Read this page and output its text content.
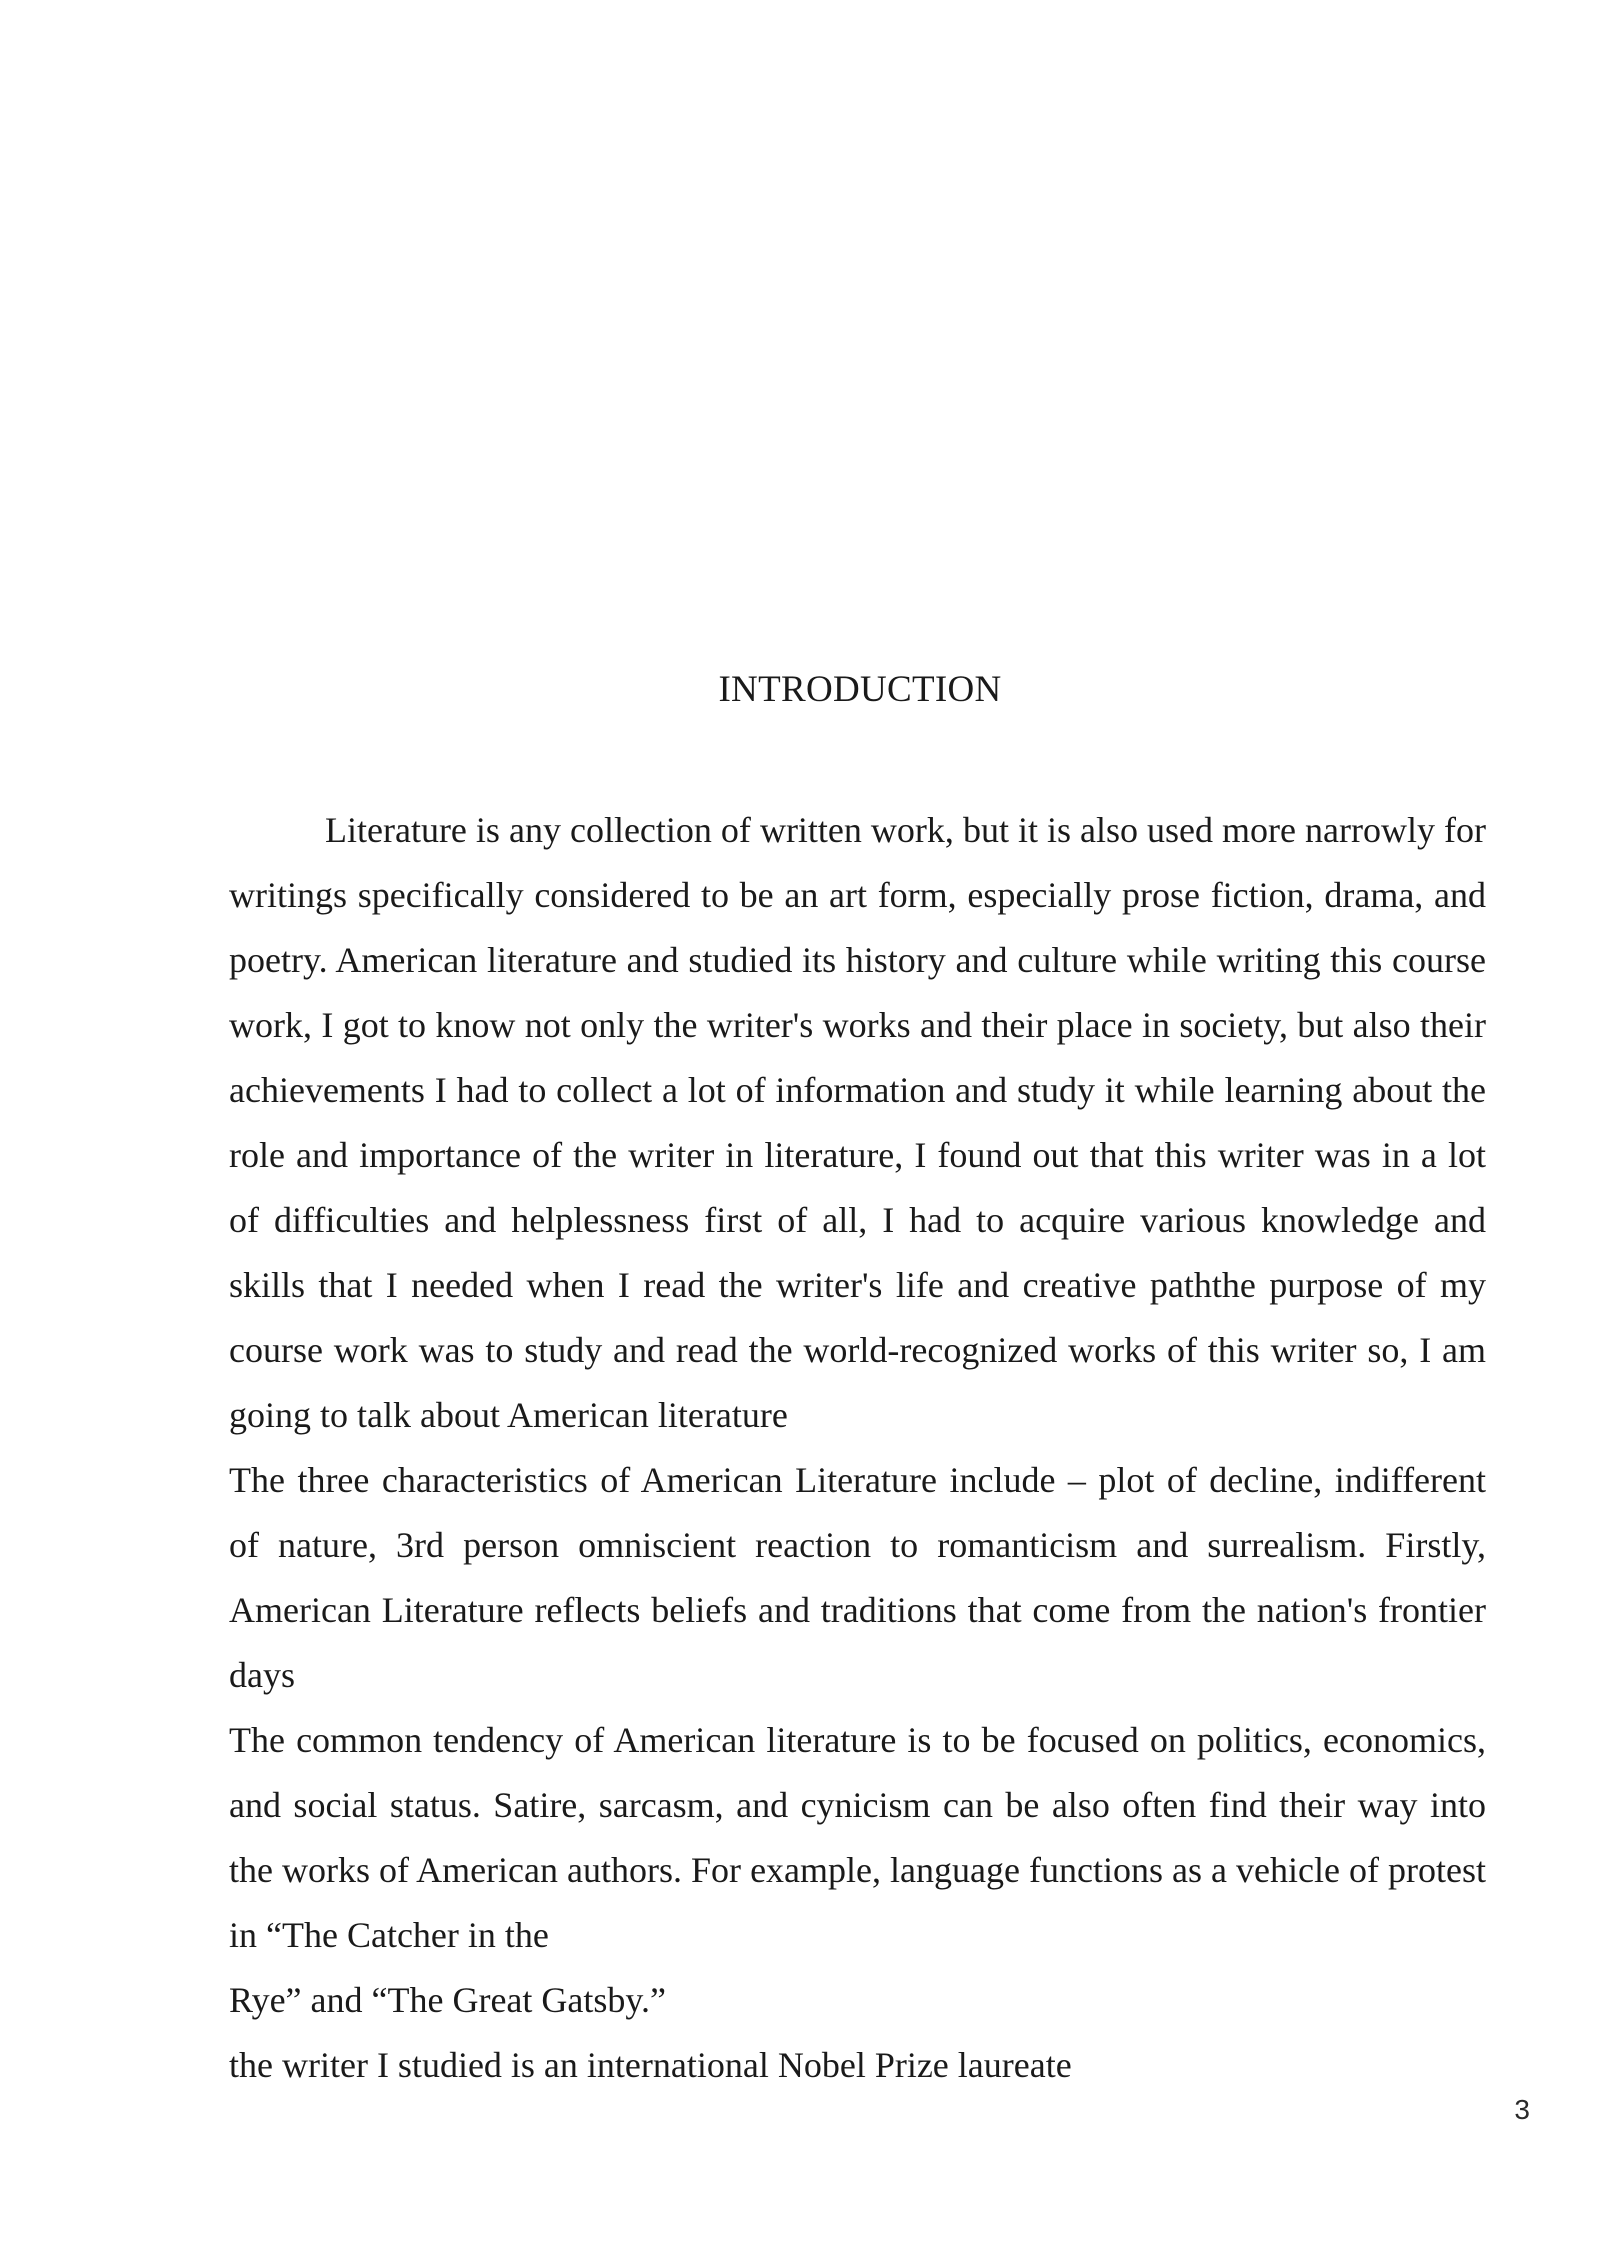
INTRODUCTION

Literature is any collection of written work, but it is also used more narrowly for writings specifically considered to be an art form, especially prose fiction, drama, and poetry. American literature and studied its history and culture while writing this course work, I got to know not only the writer's works and their place in society, but also their achievements I had to collect a lot of information and study it while learning about the role and importance of the writer in literature, I found out that this writer was in a lot of difficulties and helplessness first of all, I had to acquire various knowledge and skills that I needed when I read the writer's life and creative paththe purpose of my course work was to study and read the world-recognized works of this writer so, I am going to talk about American literature

The three characteristics of American Literature include – plot of decline, indifferent of nature, 3rd person omniscient reaction to romanticism and surrealism. Firstly, American Literature reflects beliefs and traditions that come from the nation's frontier days

The common tendency of American literature is to be focused on politics, economics, and social status. Satire, sarcasm, and cynicism can be also often find their way into the works of American authors. For example, language functions as a vehicle of protest in “The Catcher in the

Rye” and “The Great Gatsby.”

the writer I studied is an international Nobel Prize laureate

3
